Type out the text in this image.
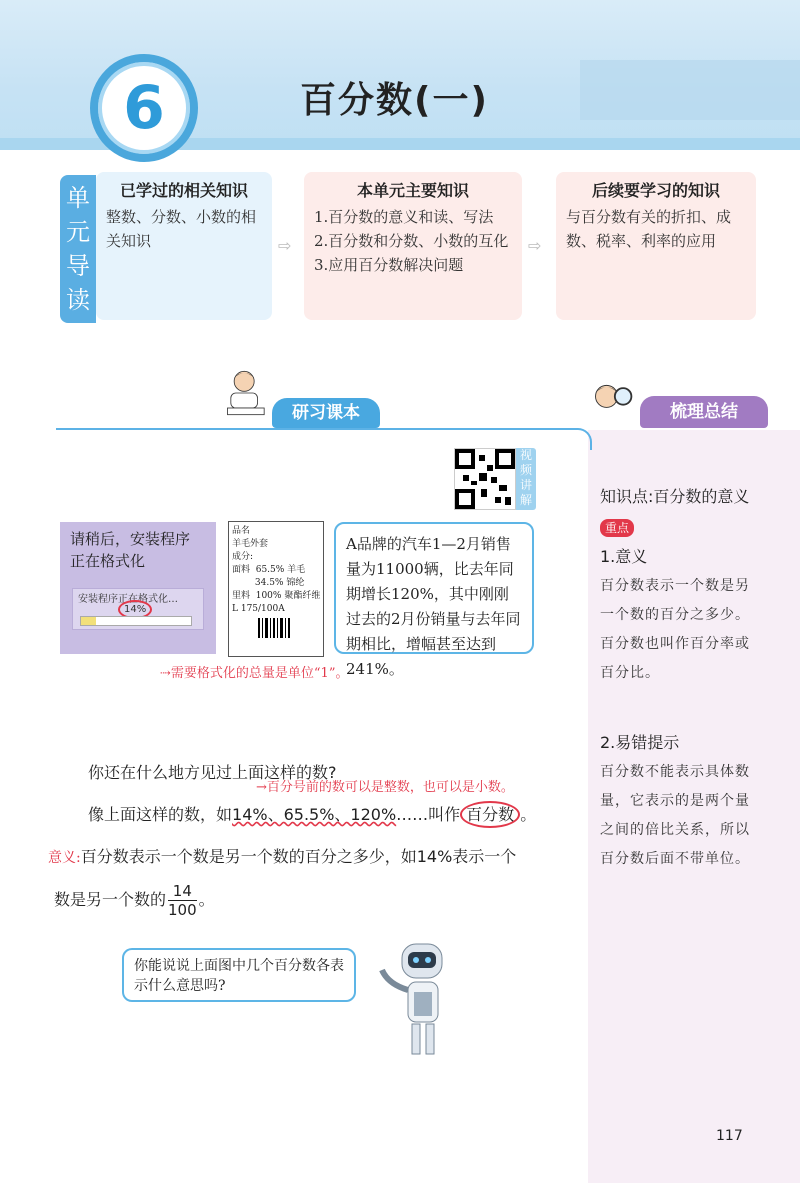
6	百分数(一)
单元导读
已学过的相关知识
整数、分数、小数的相关知识	⇨
本单元主要知识
1.百分数的意义和读、写法
2.百分数和分数、小数的互化
3.应用百分数解决问题
⇨
后续要学习的知识
与百分数有关的折扣、成数、税率、利率的应用
研习课本	梳理总结
视频讲解
请稍后，安装程序
正在格式化
安装程序正在格式化…
14%
品名
羊毛外套
成分:
面料  65.5% 羊毛
34.5% 锦纶
里料  100% 聚酯纤维
L 175/100A
A品牌的汽车1—2月销售量为11000辆，比去年同期增长120%，其中刚刚过去的2月份销量与去年同期相比，增幅甚至达到241%。
⇢需要格式化的总量是单位“1”。
你还在什么地方见过上面这样的数?
→百分号前的数可以是整数，也可以是小数。
像上面这样的数，如14%、65.5%、120%……叫作 百分数 。
意义:百分数表示一个数是另一个数的百分之多少，如14%表示一个
数是另一个数的 $\frac{14}{100}$ 。
你能说说上面图中几个百分数各表示什么意思吗?
知识点:百分数的意义 重点
1.意义
百分数表示一个数是另一个数的百分之多少。百分数也叫作百分率或百分比。
2.易错提示
百分数不能表示具体数量，它表示的是两个量之间的倍比关系，所以百分数后面不带单位。
117
